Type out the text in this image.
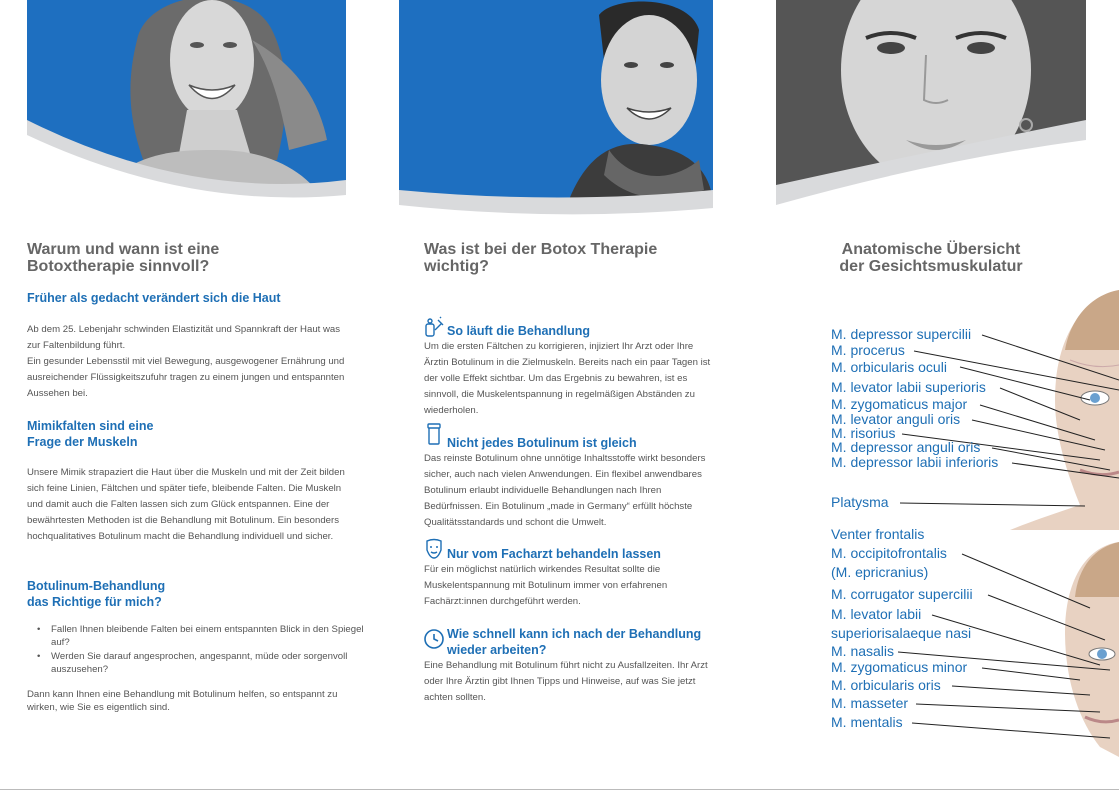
Warum und wann ist eine Botoxtherapie sinnvoll?
Früher als gedacht verändert sich die Haut

Ab dem 25. Lebenjahr schwinden Elastizität und Spannkraft der Haut was zur Faltenbildung führt.

Ein gesunder Lebensstil mit viel Bewegung, ausgewogener Ernährung und ausreichender Flüssigkeitszufuhr tragen zu einem jungen und entspannten Aussehen bei.

Mimikfalten sind eine
Frage der Muskeln

Unsere Mimik strapaziert die Haut über die Muskeln und mit der Zeit bilden sich feine Linien, Fältchen und später tiefe, bleibende Falten. Die Muskeln und damit auch die Falten lassen sich zum Glück entspannen. Eine der bewährtesten Methoden ist die Behandlung mit Botulinum. Ein besonders hochqualitatives Botulinum macht die Behandlung individuell und sicher.

Botulinum-Behandlung
das Richtige für mich?
• Fallen Ihnen bleibende Falten bei einem entspannten Blick in den Spiegel auf?
• Werden Sie darauf angesprochen, angespannt, müde oder sorgenvoll auszusehen?

Dann kann Ihnen eine Behandlung mit Botulinum helfen, so entspannt zu wirken, wie Sie es eigentlich sind.

Was ist bei der Botox Therapie wichtig?
So läuft die Behandlung

Um die ersten Fältchen zu korrigieren, injiziert Ihr Arzt oder Ihre Ärztin Botulinum in die Zielmuskeln. Bereits nach ein paar Tagen ist der volle Effekt sichtbar. Um das Ergebnis zu bewahren, ist es sinnvoll, die Muskelentspannung in regelmäßigen Abständen zu wiederholen.

Nicht jedes Botulinum ist gleich

Das reinste Botulinum ohne unnötige Inhaltsstoffe wirkt besonders sicher, auch nach vielen Anwendungen. Ein flexibel anwendbares Botulinum erlaubt individuelle Behandlungen nach Ihren Bedürfnissen. Ein Botulinum „made in Germany“ erfüllt höchste Qualitätsstandards und schont die Umwelt.

Nur vom Facharzt behandeln lassen

Für ein möglichst natürlich wirkendes Resultat sollte die Muskelentspannung mit Botulinum immer von erfahrenen Fachärzt:innen durchgeführt werden.

Wie schnell kann ich nach der Behandlung wieder arbeiten?

Eine Behandlung mit Botulinum führt nicht zu Ausfallzeiten. Ihr Arzt oder Ihre Ärztin gibt Ihnen Tipps und Hinweise, auf was Sie jetzt achten sollten.

Anatomische Übersicht
der Gesichtsmuskulatur
M. depressor supercilii
M. procerus
M. orbicularis oculi
M. levator labii superioris
M. zygomaticus major
M. levator anguli oris
M. risorius
M. depressor anguli oris
M. depressor labii inferioris
Platysma
Venter frontalis
M. occipitofrontalis
(M. epricranius)
M. corrugator supercilii
M. levator labii
superiorisalaeque nasi
M. nasalis
M. zygomaticus minor
M. orbicularis oris
M. masseter
M. mentalis
